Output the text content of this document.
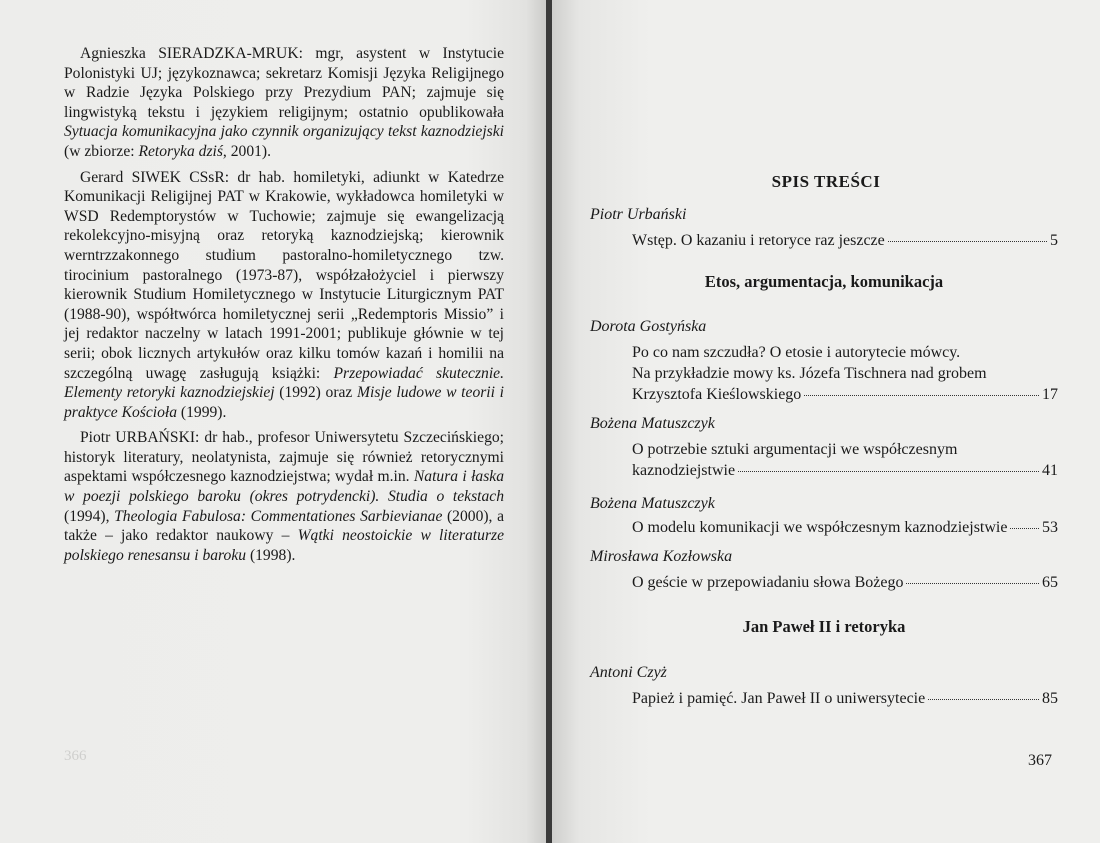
Agnieszka SIERADZKA-MRUK: mgr, asystent w Instytucie Polonistyki UJ; językoznawca; sekretarz Komisji Języka Religijnego w Radzie Języka Polskiego przy Prezydium PAN; zajmuje się lingwistyką tekstu i językiem religijnym; ostatnio opublikowała Sytuacja komunikacyjna jako czynnik organizujący tekst kaznodziejski (w zbiorze: Retoryka dziś, 2001).

Gerard SIWEK CSsR: dr hab. homiletyki, adiunkt w Katedrze Komunikacji Religijnej PAT w Krakowie, wykładowca homiletyki w WSD Redemptorystów w Tuchowie; zajmuje się ewangelizacją rekolekcyjno-misyjną oraz retoryką kaznodziejską; kierownik werntrzzakonnego studium pastoralno-homiletycznego tzw. tirocinium pastoralnego (1973-87), współzałożyciel i pierwszy kierownik Studium Homiletycznego w Instytucie Liturgicznym PAT (1988-90), współtwórca homiletycznej serii „Redemptoris Missio” i jej redaktor naczelny w latach 1991-2001; publikuje głównie w tej serii; obok licznych artykułów oraz kilku tomów kazań i homilii na szczególną uwagę zasługują książki: Przepowiadać skutecznie. Elementy retoryki kaznodziejskiej (1992) oraz Misje ludowe w teorii i praktyce Kościoła (1999).

Piotr URBAŃSKI: dr hab., profesor Uniwersytetu Szczecińskiego; historyk literatury, neolatynista, zajmuje się również retorycznymi aspektami współczesnego kaznodziejstwa; wydał m.in. Natura i łaska w poezji polskiego baroku (okres potrydencki). Studia o tekstach (1994), Theologia Fabulosa: Commentationes Sarbievianae (2000), a także – jako redaktor naukowy – Wątki neostoickie w literaturze polskiego renesansu i baroku (1998).

366
SPIS TREŚCI
Piotr Urbański
Wstęp. O kazaniu i retoryce raz jeszcze	5
Etos, argumentacja, komunikacja
Dorota Gostyńska
Po co nam szczudła? O etosie i autorytecie mówcy.
Na przykładzie mowy ks. Józefa Tischnera nad grobem
Krzysztofa Kieślowskiego	17
Bożena Matuszczyk
O potrzebie sztuki argumentacji we współczesnym
kaznodziejstwie	41
Bożena Matuszczyk
O modelu komunikacji we współczesnym kaznodziejstwie 53
Mirosława Kozłowska
O geście w przepowiadaniu słowa Bożego	65
Jan Paweł II i retoryka
Antoni Czyż
Papież i pamięć. Jan Paweł II o uniwersytecie	85
367
